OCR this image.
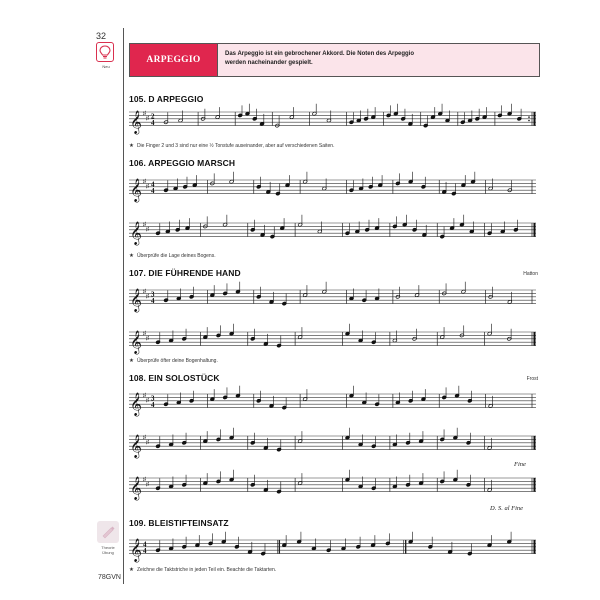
32
Neu
Theorie
Übung
78GVN
ARPEGGIO
Das Arpeggio ist ein gebrochener Akkord. Die Noten des Arpeggio
werden nacheinander gespielt.
105. D ARPEGGIO
𝄞 ♯
♯ 2
4
★ Die Finger 2 und 3 sind nur eine ½ Tonstufe auseinander, aber auf verschiedenen Saiten.
106. ARPEGGIO MARSCH
𝄞 ♯
♯ 4
4
𝄞 ♯
♯
★ Überprüfe die Lage deines Bogens.
107. DIE FÜHRENDE HAND	Hatton
𝄞 ♯
♯ 3
4
𝄞 ♯
♯
★ Überprüfe öfter deine Bogenhaltung.
108. EIN SOLOSTÜCK	Frost
𝄞 ♯
♯ 3
4
𝄞 ♯
♯
Fine
𝄞 ♯
♯
D. S. al Fine
109. BLEISTIFTEINSATZ
𝄞 4
4
★ Zeichne die Taktstriche in jeden Teil ein. Beachte die Taktarten.
